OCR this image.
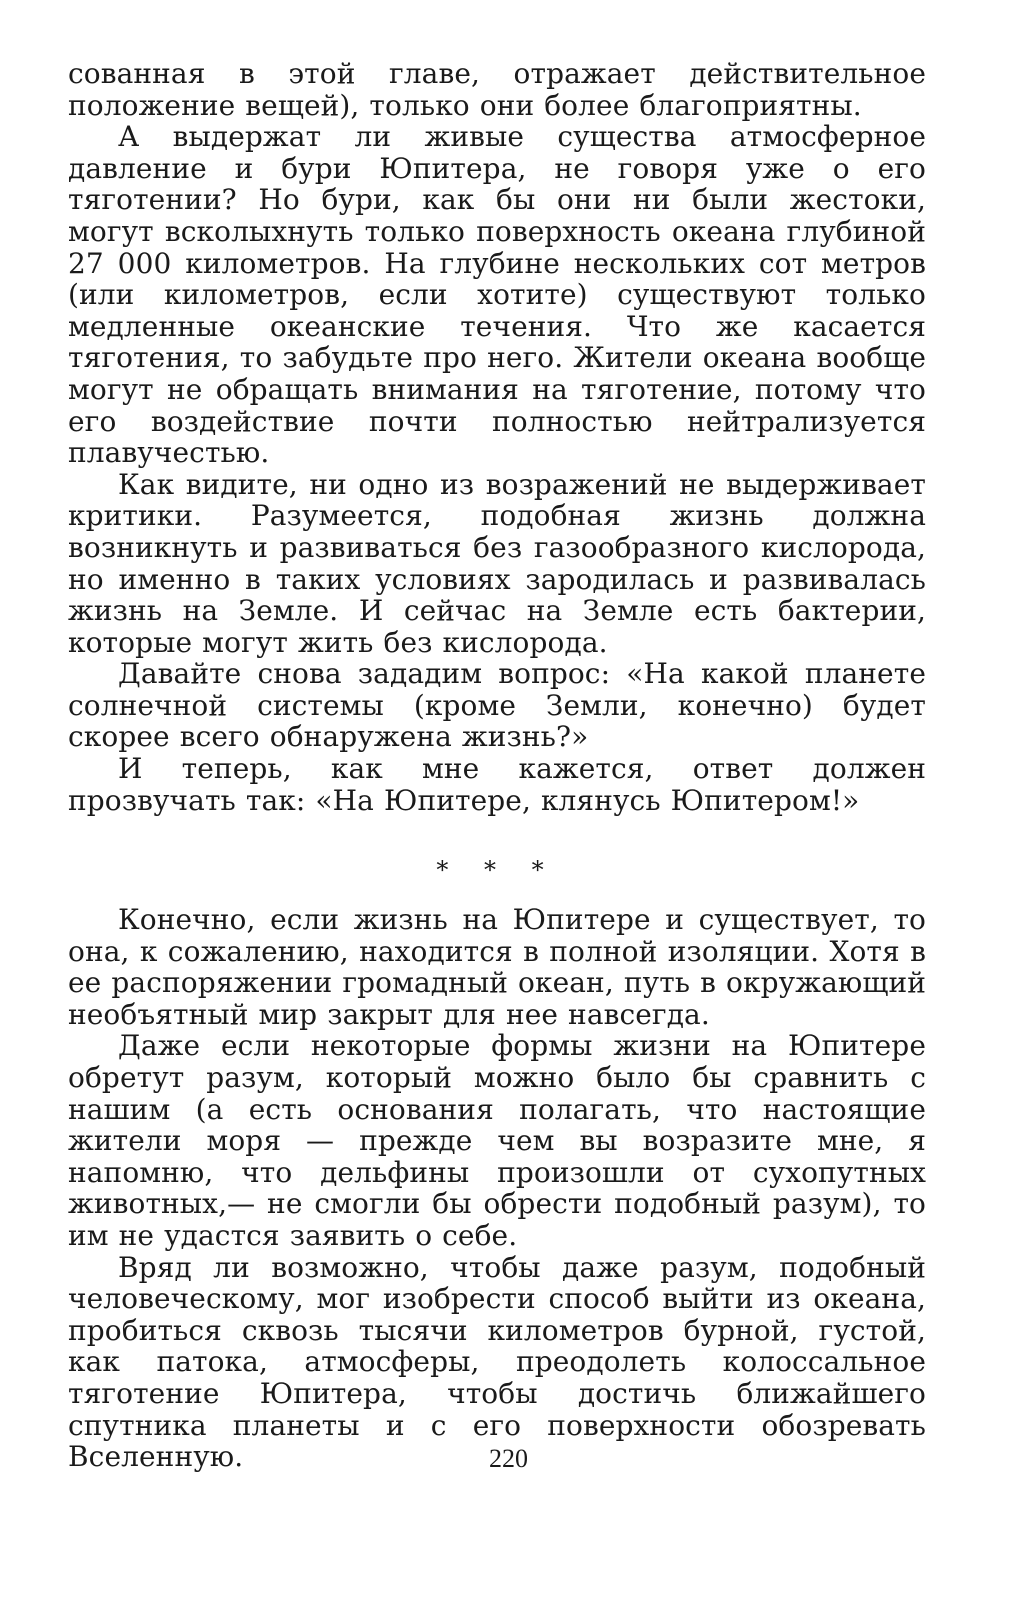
сованная в этой главе, отражает действительное положение вещей), только они более благоприятны.

А выдержат ли живые существа атмосферное давление и бури Юпитера, не говоря уже о его тяготении? Но бури, как бы они ни были жестоки, могут всколыхнуть только поверхность океана глубиной 27 000 километров. На глубине нескольких сот метров (или километров, если хотите) существуют только медленные океанские течения. Что же касается тяготения, то забудьте про него. Жители океана вообще могут не обращать внимания на тяготение, потому что его воздействие почти полностью нейтрализуется плавучестью.

Как видите, ни одно из возражений не выдерживает критики. Разумеется, подобная жизнь должна возникнуть и развиваться без газообразного кислорода, но именно в таких условиях зародилась и развивалась жизнь на Земле. И сейчас на Земле есть бактерии, которые могут жить без кислорода.

Давайте снова зададим вопрос: «На какой планете солнечной системы (кроме Земли, конечно) будет скорее всего обнаружена жизнь?»

И теперь, как мне кажется, ответ должен прозвучать так: «На Юпитере, клянусь Юпитером!»

* * *

Конечно, если жизнь на Юпитере и существует, то она, к сожалению, находится в полной изоляции. Хотя в ее распоряжении громадный океан, путь в окружающий необъятный мир закрыт для нее навсегда.

Даже если некоторые формы жизни на Юпитере обретут разум, который можно было бы сравнить с нашим (а есть основания полагать, что настоящие жители моря — прежде чем вы возразите мне, я напомню, что дельфины произошли от сухопутных животных,— не смогли бы обрести подобный разум), то им не удастся заявить о себе.

Вряд ли возможно, чтобы даже разум, подобный человеческому, мог изобрести способ выйти из океана, пробиться сквозь тысячи километров бурной, густой, как патока, атмосферы, преодолеть колоссальное тяготение Юпитера, чтобы достичь ближайшего спутника планеты и с его поверхности обозревать Вселенную.	220
